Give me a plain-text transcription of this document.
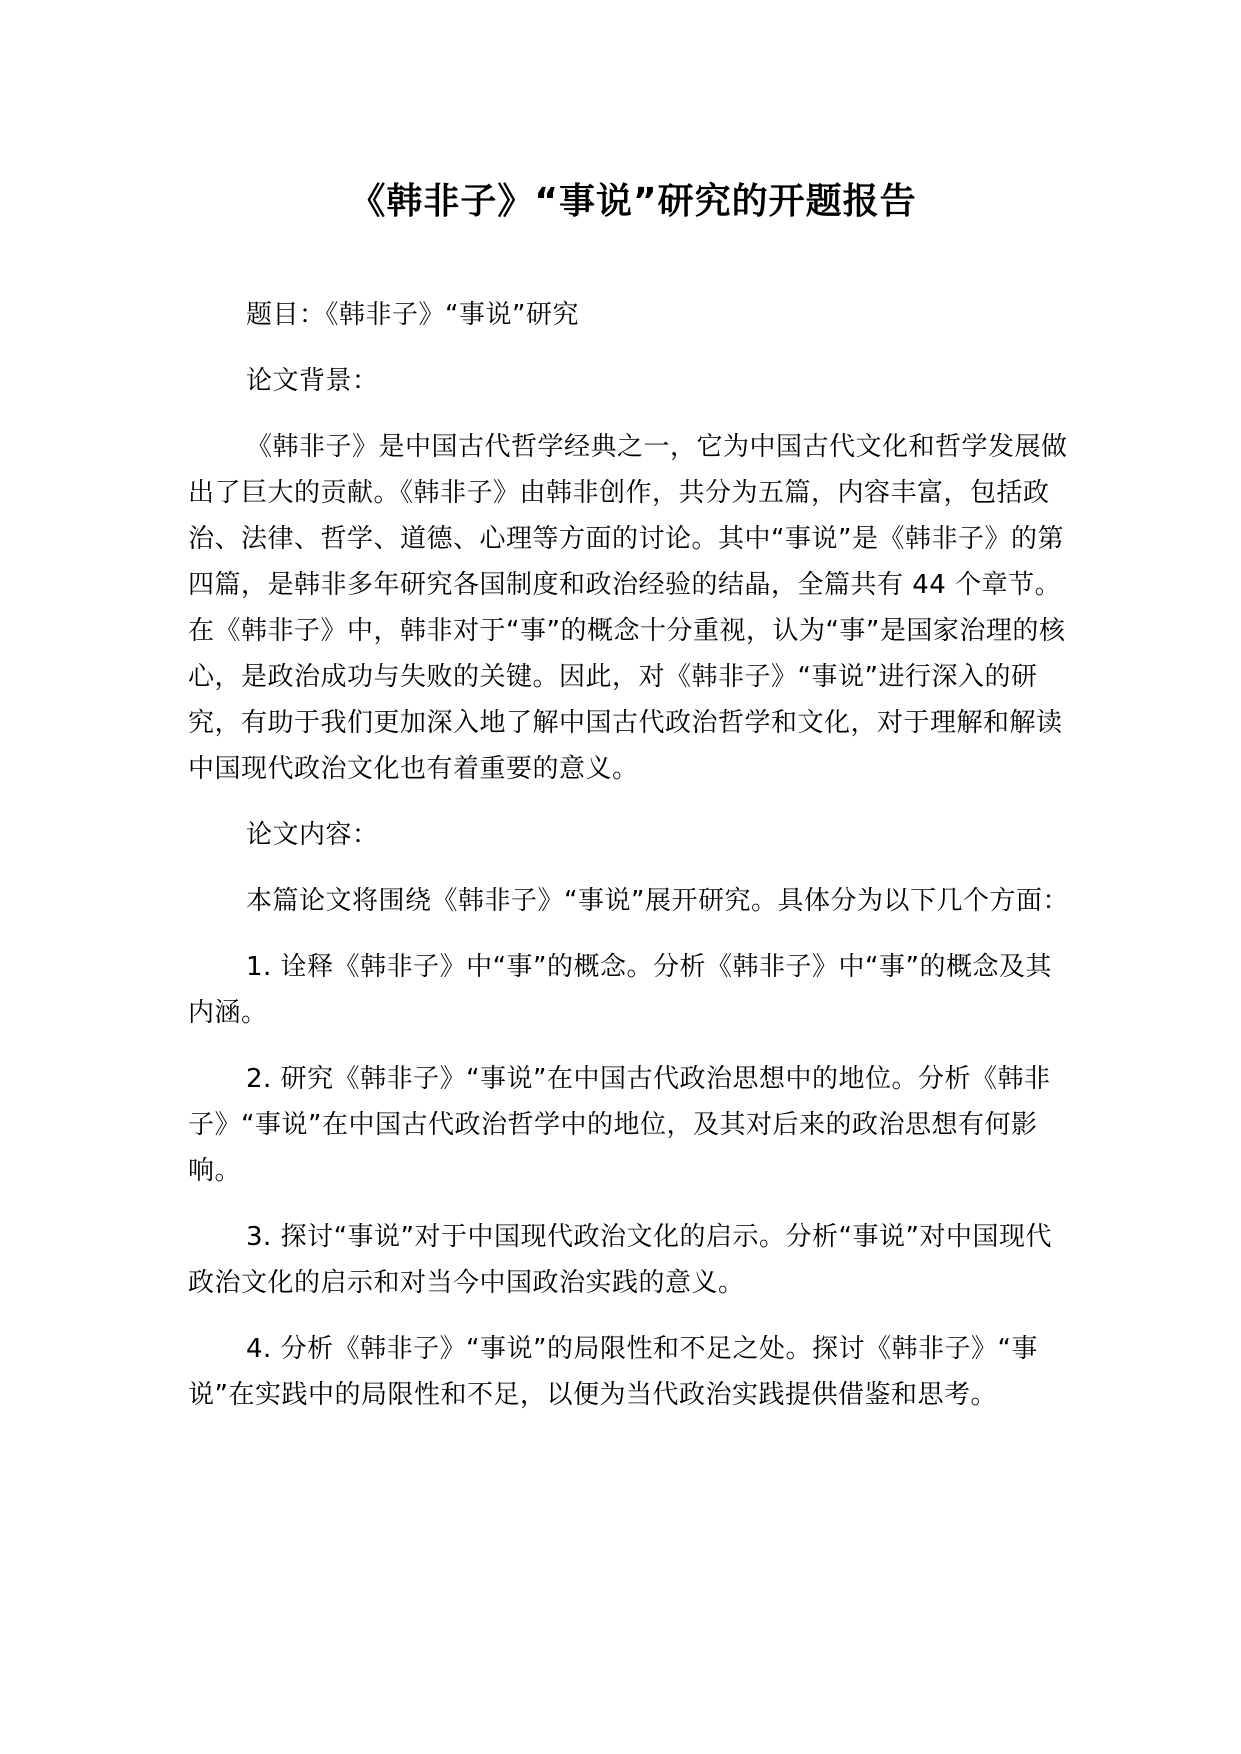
《韩非子》“事说”研究的开题报告

题目：《韩非子》“事说”研究

论文背景：

《韩非子》是中国古代哲学经典之一，它为中国古代文化和哲学发展做出了巨大的贡献。《韩非子》由韩非创作，共分为五篇，内容丰富，包括政治、法律、哲学、道德、心理等方面的讨论。其中“事说”是《韩非子》的第四篇，是韩非多年研究各国制度和政治经验的结晶，全篇共有 44 个章节。在《韩非子》中，韩非对于“事”的概念十分重视，认为“事”是国家治理的核心，是政治成功与失败的关键。因此，对《韩非子》“事说”进行深入的研究，有助于我们更加深入地了解中国古代政治哲学和文化，对于理解和解读中国现代政治文化也有着重要的意义。

论文内容：

本篇论文将围绕《韩非子》“事说”展开研究。具体分为以下几个方面：

1. 诠释《韩非子》中“事”的概念。分析《韩非子》中“事”的概念及其内涵。

2. 研究《韩非子》“事说”在中国古代政治思想中的地位。分析《韩非子》“事说”在中国古代政治哲学中的地位，及其对后来的政治思想有何影响。

3. 探讨“事说”对于中国现代政治文化的启示。分析“事说”对中国现代政治文化的启示和对当今中国政治实践的意义。

4. 分析《韩非子》“事说”的局限性和不足之处。探讨《韩非子》“事说”在实践中的局限性和不足，以便为当代政治实践提供借鉴和思考。
